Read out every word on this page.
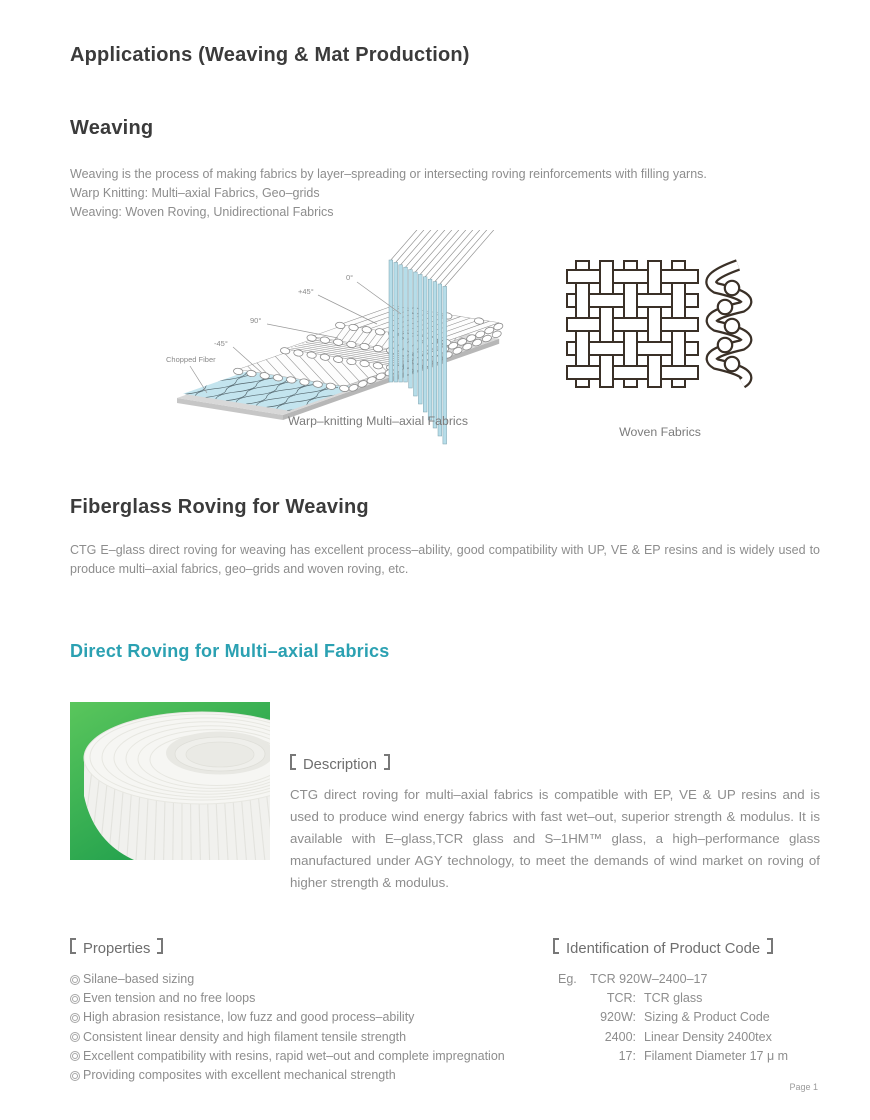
Applications (Weaving & Mat Production)
Weaving
Weaving is the process of making fabrics by layer–spreading or intersecting roving reinforcements with filling yarns.
Warp Knitting: Multi–axial Fabrics, Geo–grids
Weaving: Woven Roving, Unidirectional Fabrics
0°
+45°
90°
-45°
Chopped Fiber
Warp–knitting Multi–axial Fabrics
Woven Fabrics
Fiberglass Roving for Weaving

CTG E–glass direct roving for weaving has excellent process–ability, good compatibility with UP, VE & EP resins and is widely used to produce multi–axial fabrics, geo–grids and woven roving, etc.

Direct Roving for Multi–axial Fabrics
Description

CTG direct roving for multi–axial fabrics is compatible with EP, VE & UP resins and is used to produce wind energy fabrics with fast wet–out, superior strength & modulus. It is available with E–glass,TCR glass and S–1HM™ glass, a high–performance glass manufactured under AGY technology, to meet the demands of wind market on roving of higher strength & modulus.

Properties
Silane–based sizing
Even tension and no free loops
High abrasion resistance, low fuzz and good process–ability
Consistent linear density and high filament tensile strength
Excellent compatibility with resins, rapid wet–out and complete impregnation
Providing composites with excellent mechanical strength
Identification of Product Code
Eg.	TCR 920W–2400–17
TCR: TCR glass
920W: Sizing & Product Code
2400: Linear Density 2400tex
17: Filament Diameter 17 μ m
Page 1
